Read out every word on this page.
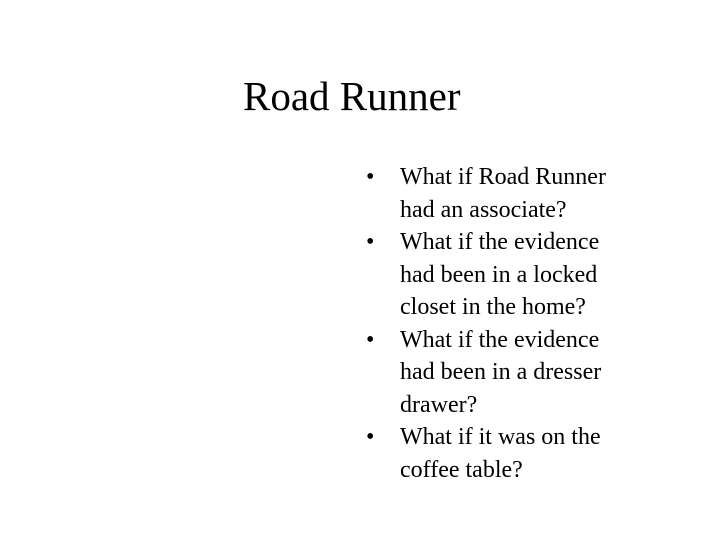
Road Runner
•	What if Road Runner
had an associate?
•	What if the evidence
had been in a locked
closet in the home?
•	What if the evidence
had been in a dresser
drawer?
•	What if it was on the
coffee table?
